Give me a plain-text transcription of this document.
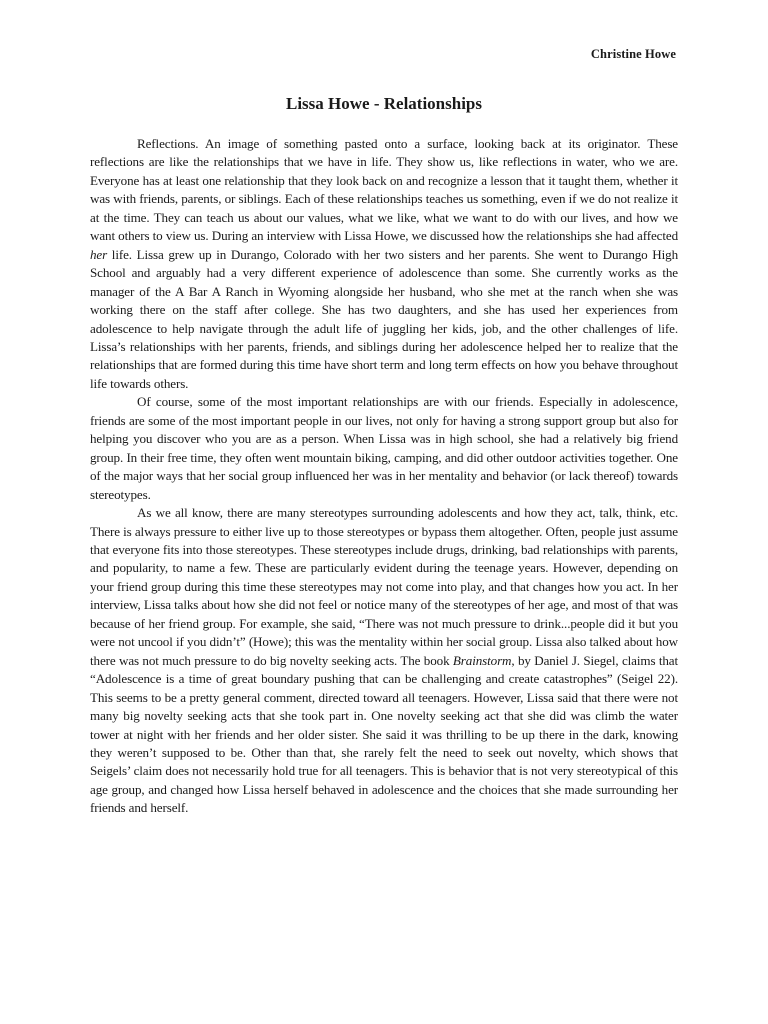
Christine Howe
Lissa Howe - Relationships

Reflections. An image of something pasted onto a surface, looking back at its originator. These reflections are like the relationships that we have in life. They show us, like reflections in water, who we are. Everyone has at least one relationship that they look back on and recognize a lesson that it taught them, whether it was with friends, parents, or siblings. Each of these relationships teaches us something, even if we do not realize it at the time. They can teach us about our values, what we like, what we want to do with our lives, and how we want others to view us. During an interview with Lissa Howe, we discussed how the relationships she had affected her life. Lissa grew up in Durango, Colorado with her two sisters and her parents. She went to Durango High School and arguably had a very different experience of adolescence than some. She currently works as the manager of the A Bar A Ranch in Wyoming alongside her husband, who she met at the ranch when she was working there on the staff after college. She has two daughters, and she has used her experiences from adolescence to help navigate through the adult life of juggling her kids, job, and the other challenges of life. Lissa’s relationships with her parents, friends, and siblings during her adolescence helped her to realize that the relationships that are formed during this time have short term and long term effects on how you behave throughout life towards others.

Of course, some of the most important relationships are with our friends. Especially in adolescence, friends are some of the most important people in our lives, not only for having a strong support group but also for helping you discover who you are as a person. When Lissa was in high school, she had a relatively big friend group. In their free time, they often went mountain biking, camping, and did other outdoor activities together. One of the major ways that her social group influenced her was in her mentality and behavior (or lack thereof) towards stereotypes.

As we all know, there are many stereotypes surrounding adolescents and how they act, talk, think, etc. There is always pressure to either live up to those stereotypes or bypass them altogether. Often, people just assume that everyone fits into those stereotypes. These stereotypes include drugs, drinking, bad relationships with parents, and popularity, to name a few. These are particularly evident during the teenage years. However, depending on your friend group during this time these stereotypes may not come into play, and that changes how you act. In her interview, Lissa talks about how she did not feel or notice many of the stereotypes of her age, and most of that was because of her friend group. For example, she said, “There was not much pressure to drink...people did it but you were not uncool if you didn’t” (Howe); this was the mentality within her social group. Lissa also talked about how there was not much pressure to do big novelty seeking acts. The book Brainstorm, by Daniel J. Siegel, claims that “Adolescence is a time of great boundary pushing that can be challenging and create catastrophes” (Seigel 22). This seems to be a pretty general comment, directed toward all teenagers. However, Lissa said that there were not many big novelty seeking acts that she took part in. One novelty seeking act that she did was climb the water tower at night with her friends and her older sister. She said it was thrilling to be up there in the dark, knowing they weren’t supposed to be. Other than that, she rarely felt the need to seek out novelty, which shows that Seigels’ claim does not necessarily hold true for all teenagers. This is behavior that is not very stereotypical of this age group, and changed how Lissa herself behaved in adolescence and the choices that she made surrounding her friends and herself.
